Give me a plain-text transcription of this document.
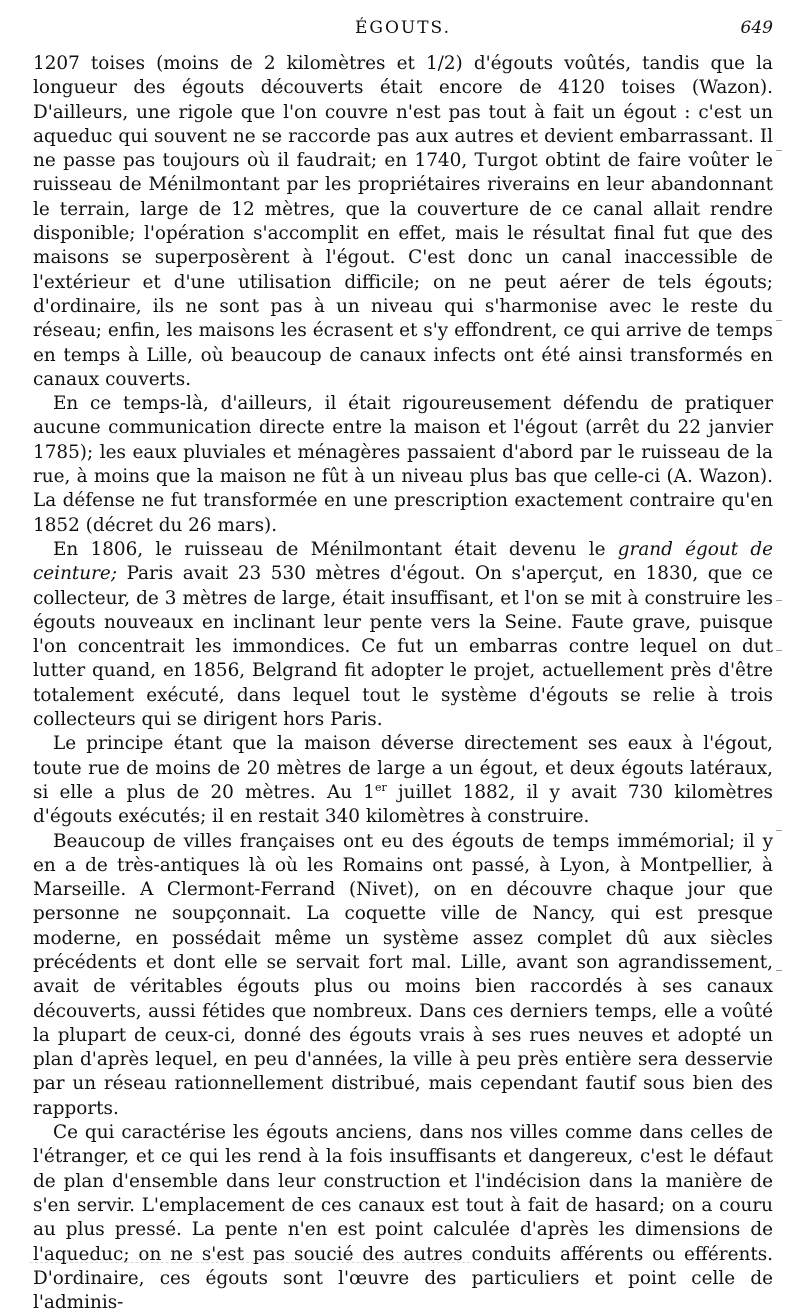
ÉGOUTS.	649

1207 toises (moins de 2 kilomètres et 1/2) d'égouts voûtés, tandis que la longueur des égouts découverts était encore de 4120 toises (Wazon). D'ailleurs, une rigole que l'on couvre n'est pas tout à fait un égout : c'est un aqueduc qui souvent ne se raccorde pas aux autres et devient embarrassant. Il ne passe pas toujours où il faudrait; en 1740, Turgot obtint de faire voûter le ruisseau de Ménilmontant par les propriétaires riverains en leur abandonnant le terrain, large de 12 mètres, que la couverture de ce canal allait rendre disponible; l'opération s'accomplit en effet, mais le résultat final fut que des maisons se superposèrent à l'égout. C'est donc un canal inaccessible de l'extérieur et d'une utilisation difficile; on ne peut aérer de tels égouts; d'ordinaire, ils ne sont pas à un niveau qui s'harmonise avec le reste du réseau; enfin, les maisons les écrasent et s'y effondrent, ce qui arrive de temps en temps à Lille, où beaucoup de canaux infects ont été ainsi transformés en canaux couverts.

En ce temps-là, d'ailleurs, il était rigoureusement défendu de pratiquer aucune communication directe entre la maison et l'égout (arrêt du 22 janvier 1785); les eaux pluviales et ménagères passaient d'abord par le ruisseau de la rue, à moins que la maison ne fût à un niveau plus bas que celle-ci (A. Wazon). La défense ne fut transformée en une prescription exactement contraire qu'en 1852 (décret du 26 mars).

En 1806, le ruisseau de Ménilmontant était devenu le grand égout de ceinture; Paris avait 23 530 mètres d'égout. On s'aperçut, en 1830, que ce collecteur, de 3 mètres de large, était insuffisant, et l'on se mit à construire les égouts nouveaux en inclinant leur pente vers la Seine. Faute grave, puisque l'on concentrait les immondices. Ce fut un embarras contre lequel on dut lutter quand, en 1856, Belgrand fit adopter le projet, actuellement près d'être totalement exécuté, dans lequel tout le système d'égouts se relie à trois collecteurs qui se dirigent hors Paris.

Le principe étant que la maison déverse directement ses eaux à l'égout, toute rue de moins de 20 mètres de large a un égout, et deux égouts latéraux, si elle a plus de 20 mètres. Au 1er juillet 1882, il y avait 730 kilomètres d'égouts exécutés; il en restait 340 kilomètres à construire.

Beaucoup de villes françaises ont eu des égouts de temps immémorial; il y en a de très-antiques là où les Romains ont passé, à Lyon, à Montpellier, à Marseille. A Clermont-Ferrand (Nivet), on en découvre chaque jour que personne ne soupçonnait. La coquette ville de Nancy, qui est presque moderne, en possédait même un système assez complet dû aux siècles précédents et dont elle se servait fort mal. Lille, avant son agrandissement, avait de véritables égouts plus ou moins bien raccordés à ses canaux découverts, aussi fétides que nombreux. Dans ces derniers temps, elle a voûté la plupart de ceux-ci, donné des égouts vrais à ses rues neuves et adopté un plan d'après lequel, en peu d'années, la ville à peu près entière sera desservie par un réseau rationnellement distribué, mais cependant fautif sous bien des rapports.

Ce qui caractérise les égouts anciens, dans nos villes comme dans celles de l'étranger, et ce qui les rend à la fois insuffisants et dangereux, c'est le défaut de plan d'ensemble dans leur construction et l'indécision dans la manière de s'en servir. L'emplacement de ces canaux est tout à fait de hasard; on a couru au plus pressé. La pente n'en est point calculée d'après les dimensions de l'aqueduc; on ne s'est pas soucié des autres conduits afférents ou efférents. D'ordinaire, ces égouts sont l'œuvre des particuliers et point celle de l'adminis-
